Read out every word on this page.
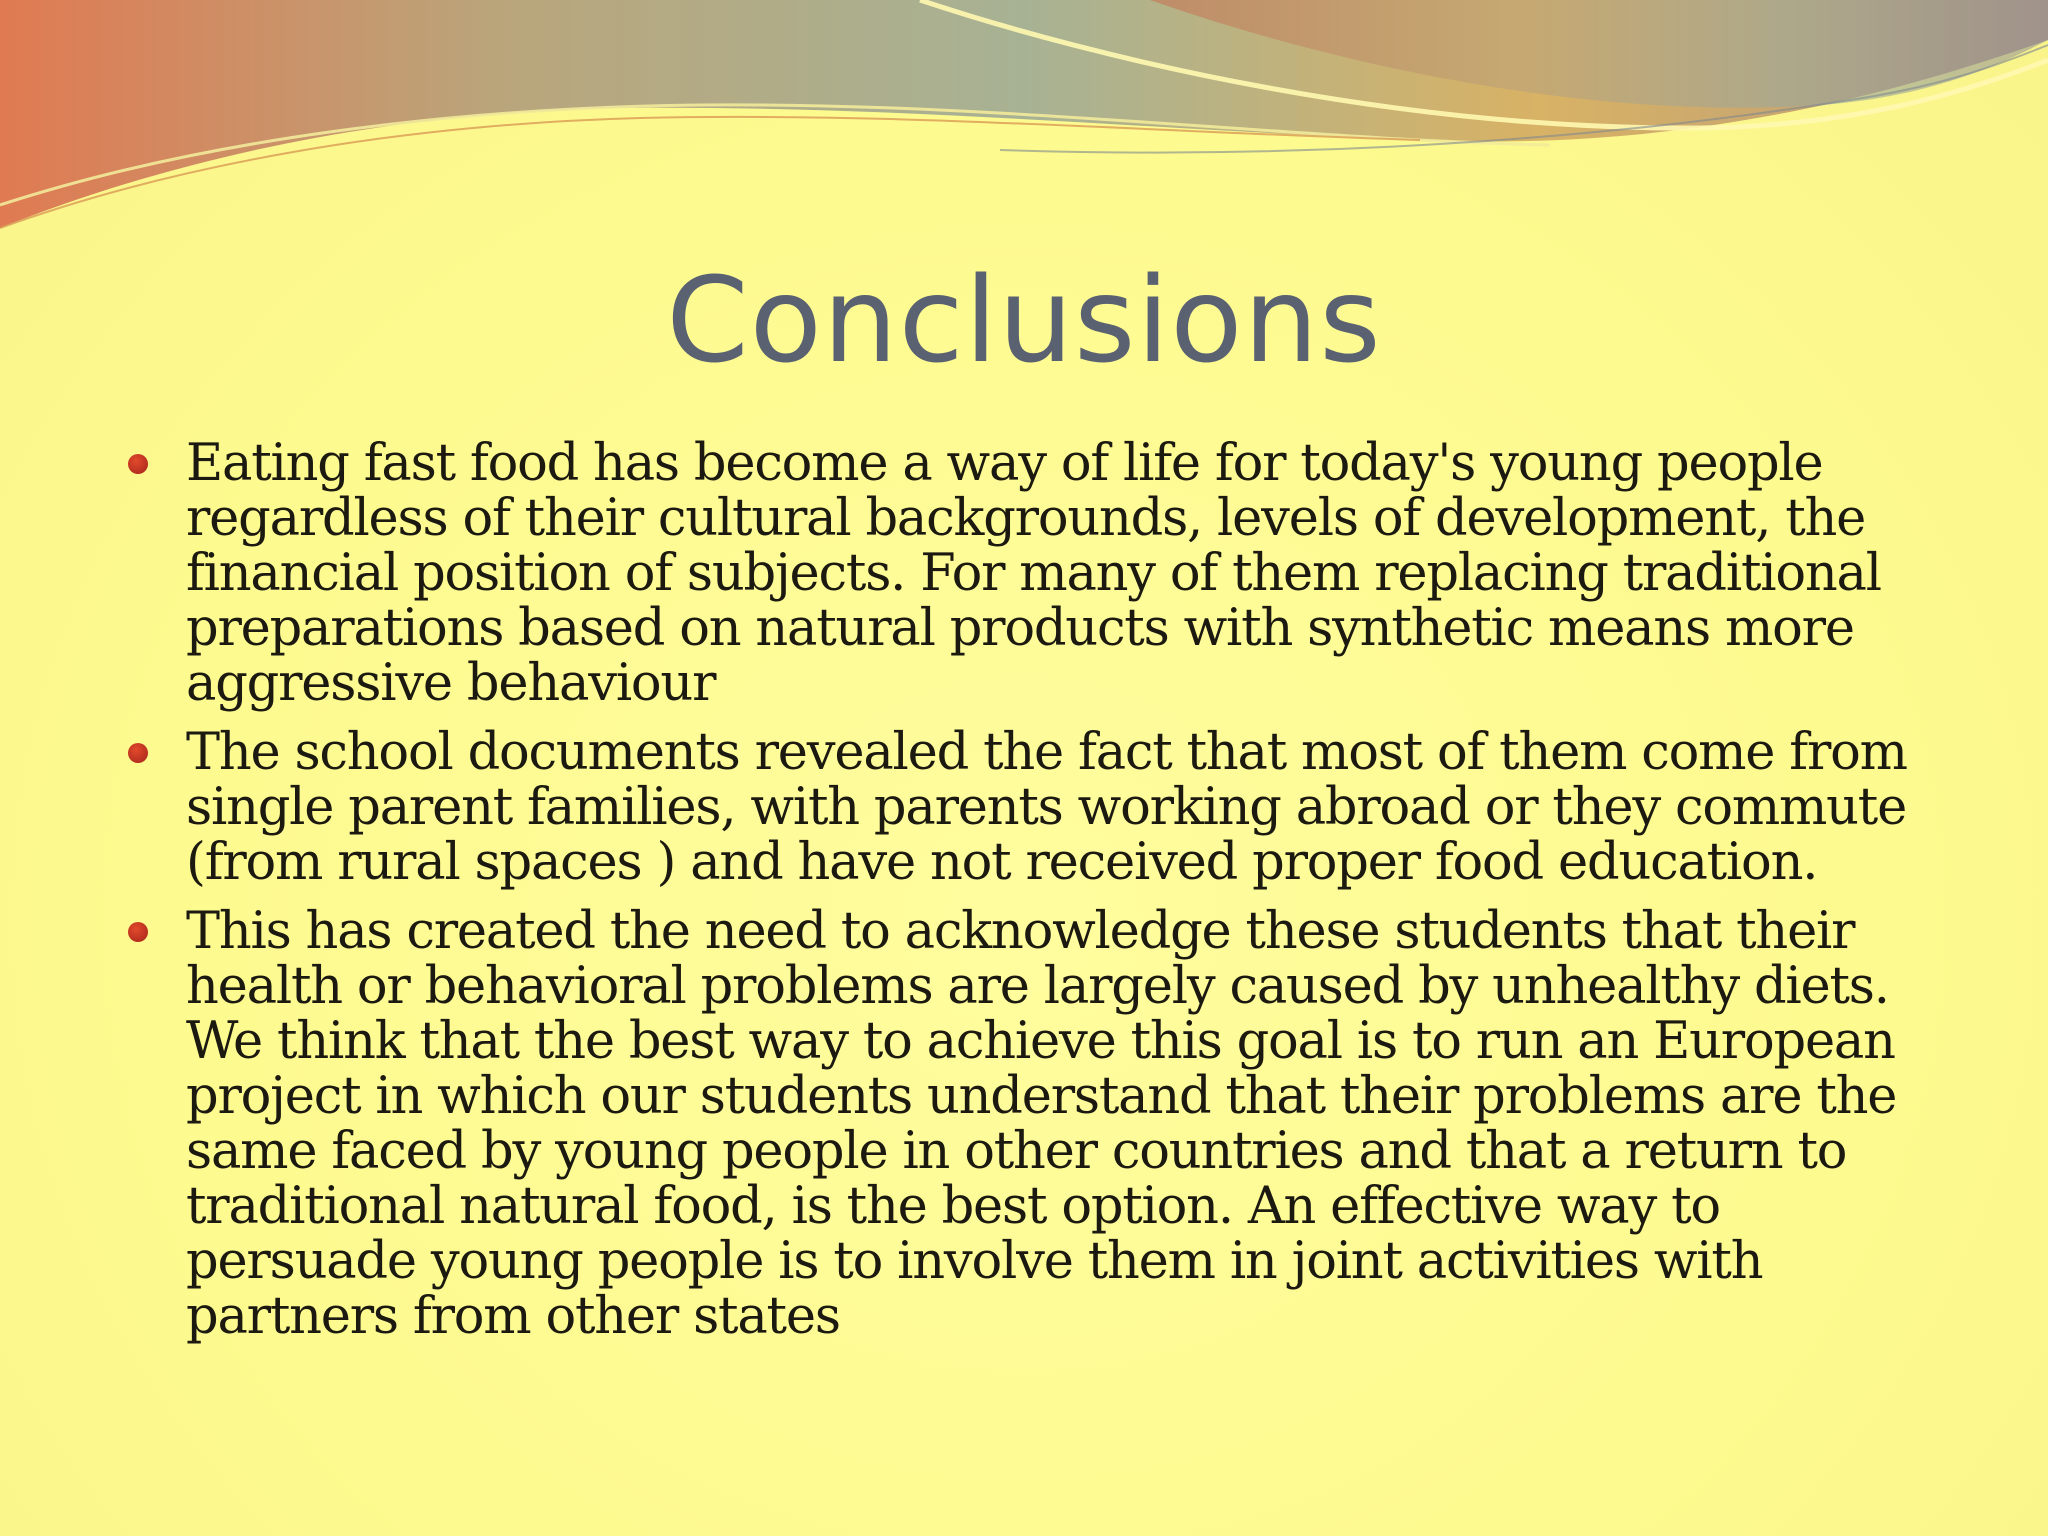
Conclusions
Eating fast food has become a way of life for today's young people regardless of their cultural backgrounds, levels of development, the financial position of subjects. For many of them replacing traditional preparations based on natural products with synthetic means more aggressive behaviour
The school documents revealed the fact that most of them come from single parent families, with parents working abroad or they commute (from rural spaces ) and have not received proper food education.
This has created the need to acknowledge these students that their health or behavioral problems are largely caused by unhealthy diets. We think that the best way to achieve this goal is to run an European project in which our students understand that their problems are the same faced by young people in other countries and that a return to traditional natural food, is the best option. An effective way to persuade young people is to involve them in joint activities with partners from other states
